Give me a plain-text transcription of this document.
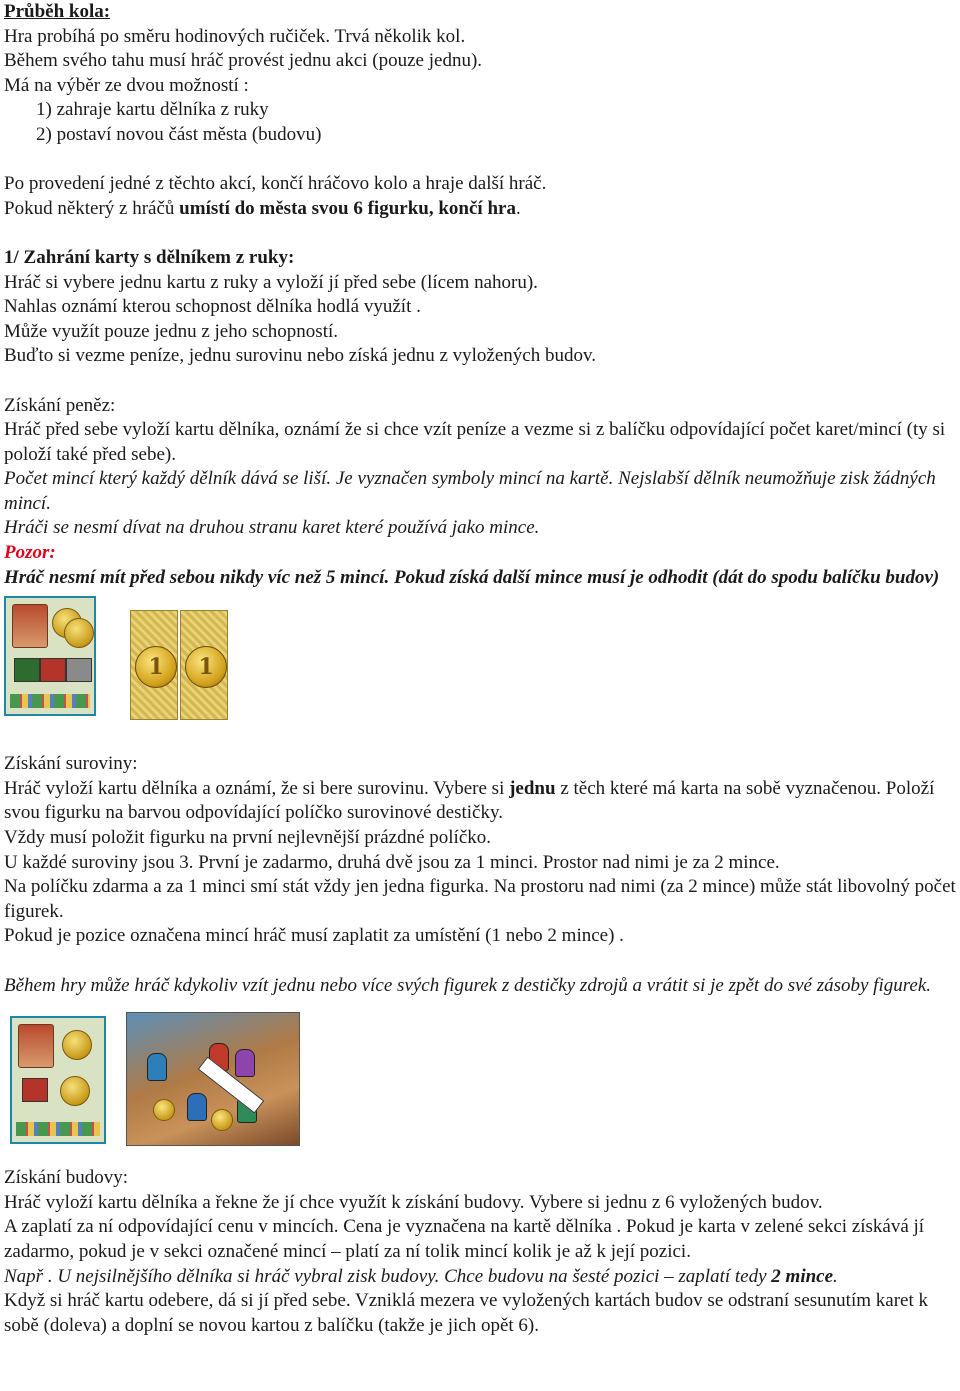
Průběh kola:
Hra probíhá po směru hodinových ručiček. Trvá několik kol.
Během svého tahu musí hráč provést jednu akci (pouze jednu).
Má na výběr ze dvou možností :
1) zahraje kartu dělníka z ruky
2) postaví novou část města (budovu)
Po provedení jedné z těchto akcí, končí hráčovo kolo a hraje další hráč.
Pokud některý z hráčů umístí do města svou 6 figurku, končí hra.
1/ Zahrání karty s dělníkem z ruky:
Hráč si vybere jednu kartu z ruky a vyloží jí před sebe (lícem nahoru).
Nahlas oznámí kterou schopnost dělníka hodlá využít .
Může využít pouze jednu z jeho schopností.
Buďto si vezme peníze, jednu surovinu nebo získá jednu z vyložených budov.
Získání peněz:
Hráč před sebe vyloží kartu dělníka, oznámí že si chce vzít peníze a vezme si z balíčku odpovídající počet karet/mincí (ty si položí také před sebe).
Počet mincí který každý dělník dává se liší. Je vyznačen symboly mincí na kartě. Nejslabší dělník neumožňuje zisk žádných mincí.
Hráči se nesmí dívat na druhou stranu karet které používá jako mince.
Pozor:
Hráč nesmí mít před sebou nikdy víc než 5 mincí. Pokud získá další mince musí je odhodit (dát do spodu balíčku budov)
1	1
Získání suroviny:
Hráč vyloží kartu dělníka a oznámí, že si bere surovinu. Vybere si jednu z těch které má karta na sobě vyznačenou. Položí svou figurku na barvou odpovídající políčko surovinové destičky.
Vždy musí položit figurku na první nejlevnější prázdné políčko.
U každé suroviny jsou 3. První je zadarmo, druhá dvě jsou za 1 minci. Prostor nad nimi je za 2 mince.
Na políčku zdarma a za 1 minci smí stát vždy jen jedna figurka. Na prostoru nad nimi (za 2 mince) může stát libovolný počet figurek.
Pokud je pozice označena mincí hráč musí zaplatit za umístění (1 nebo 2 mince) .
Během hry může hráč kdykoliv vzít jednu nebo více svých figurek z destičky zdrojů a vrátit si je zpět do své zásoby figurek.
Získání budovy:
Hráč vyloží kartu dělníka a řekne že jí chce využít k získání budovy. Vybere si jednu z 6 vyložených budov.
A zaplatí za ní odpovídající cenu v mincích. Cena je vyznačena na kartě dělníka . Pokud je karta v zelené sekci získává jí zadarmo, pokud je v sekci označené mincí – platí za ní tolik mincí kolik je až k její pozici.
Např . U nejsilnějšího dělníka si hráč vybral zisk budovy. Chce budovu na šesté pozici – zaplatí tedy 2 mince.
Když si hráč kartu odebere, dá si jí před sebe. Vzniklá mezera ve vyložených kartách budov se odstraní sesunutím karet k sobě (doleva) a doplní se novou kartou z balíčku (takže je jich opět 6).
